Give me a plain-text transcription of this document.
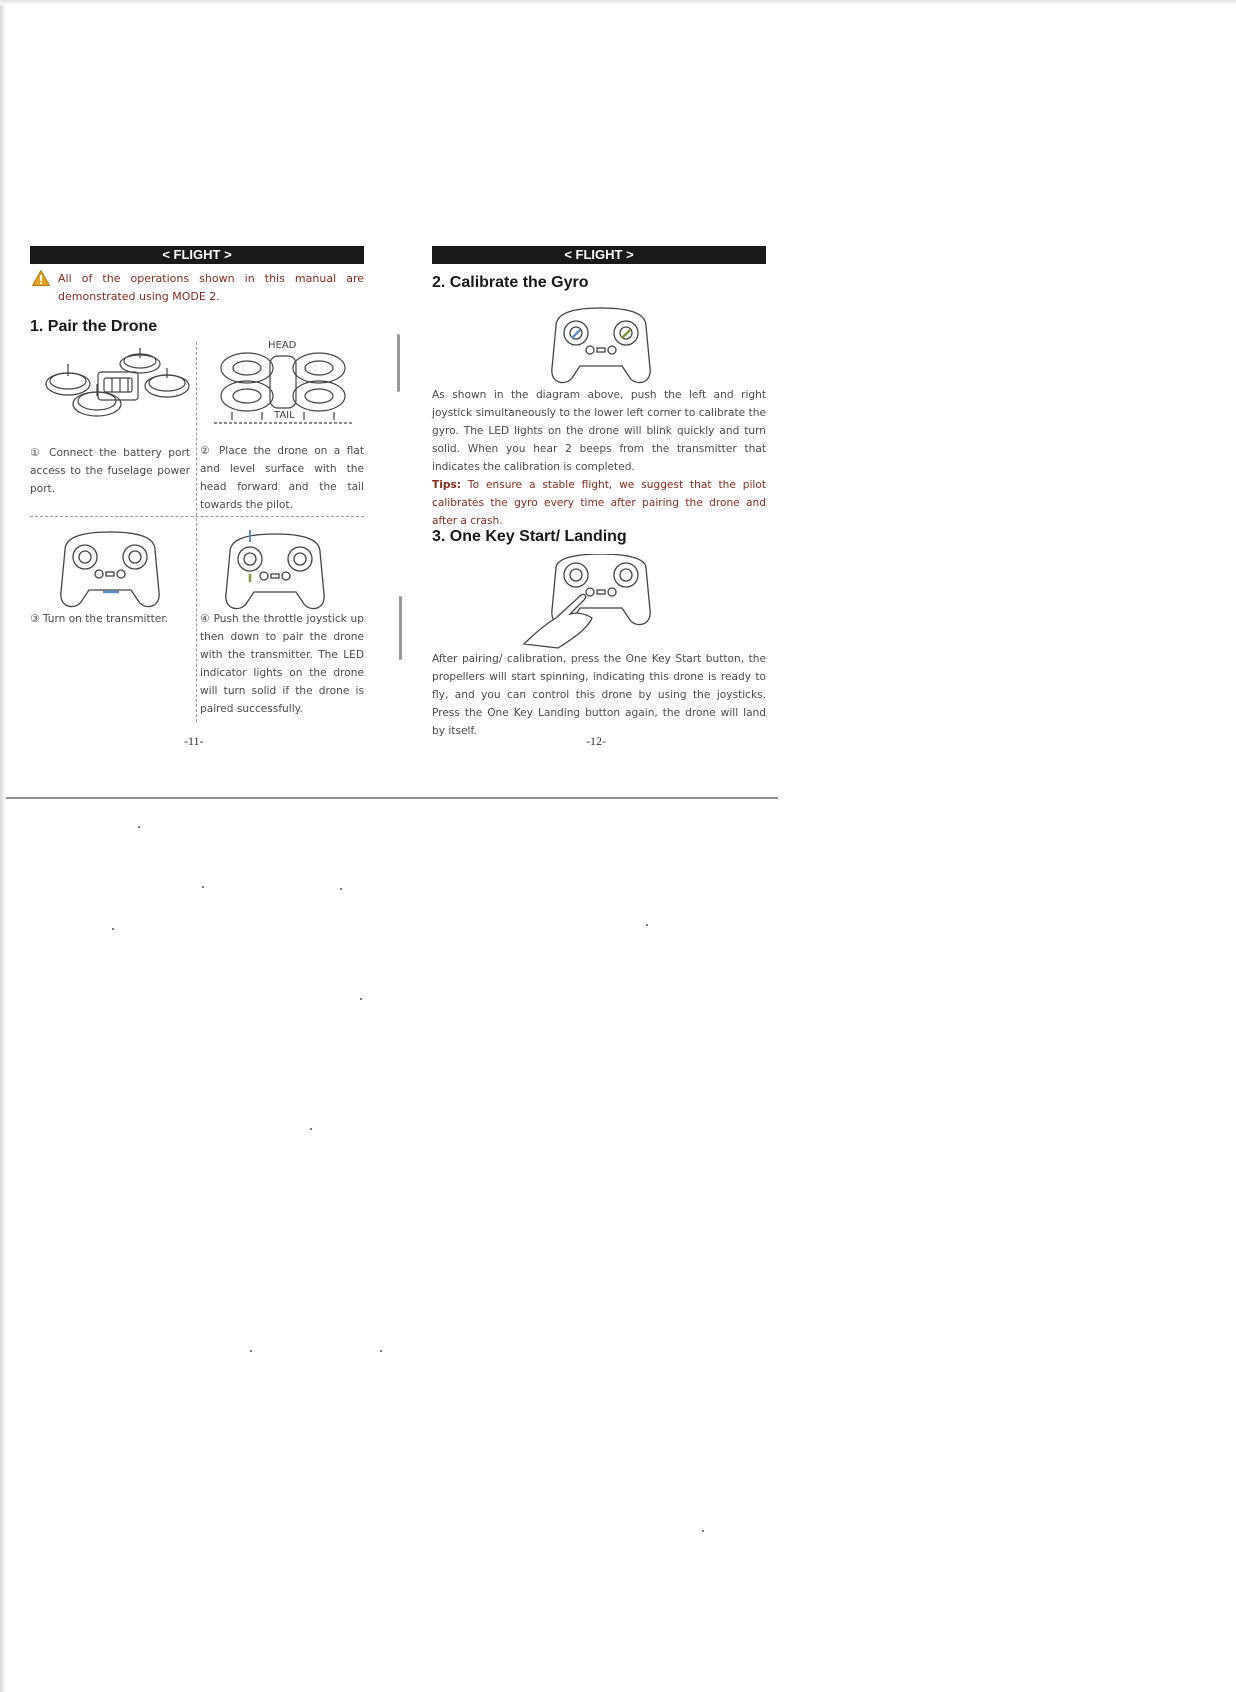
< FLIGHT >
All of the operations shown in this manual are demonstrated using MODE 2.
1. Pair the Drone
HEAD
TAIL
① Connect the battery port access to the fuselage power port.
② Place the drone on a flat and level surface with the head forward and the tail towards the pilot.
③ Turn on the transmitter.	④ Push the throttle joystick up then down to pair the drone with the transmitter. The LED indicator lights on the drone will turn solid if the drone is paired successfully.
-11-
< FLIGHT >
2. Calibrate the Gyro
As shown in the diagram above, push the left and right joystick simultaneously to the lower left corner to calibrate the gyro. The LED lights on the drone will blink quickly and turn solid. When you hear 2 beeps from the transmitter that indicates the calibration is completed.
Tips: To ensure a stable flight, we suggest that the pilot calibrates the gyro every time after pairing the drone and after a crash.
3. One Key Start/ Landing
After pairing/ calibration, press the One Key Start button, the propellers will start spinning, indicating this drone is ready to fly, and you can control this drone by using the joysticks. Press the One Key Landing button again, the drone will land by itself.
-12-
